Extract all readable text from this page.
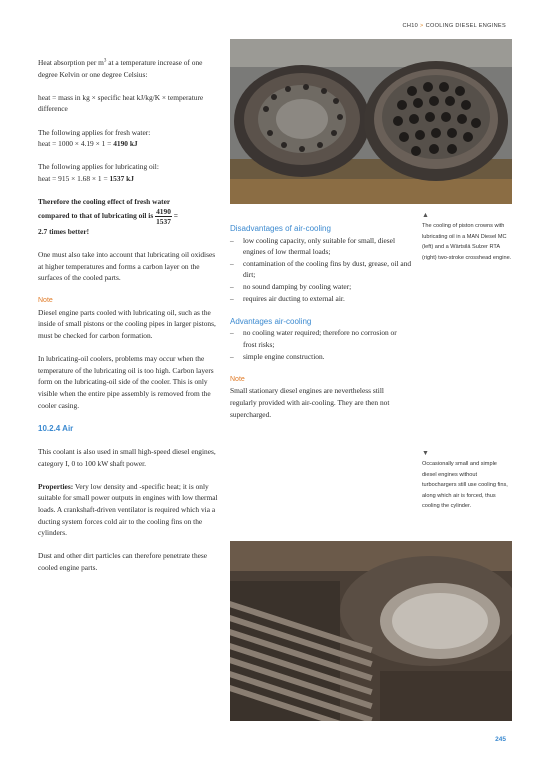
CH10 > COOLING DIESEL ENGINES

Heat absorption per $m^3$ at a temperature increase of one degree Kelvin or one degree Celsius:

heat = mass in kg × specific heat kJ/kg/K × temperature difference

The following applies for fresh water:

heat = 1000 × 4.19 × 1 = 4190 kJ

The following applies for lubricating oil:

heat = 915 × 1.68 × 1 = 1537 kJ

Therefore the cooling effect of fresh water

compared to that of lubricating oil is $\frac{4190}{1537}$ =

2.7 times better!

One must also take into account that lubricating oil oxidises at higher temperatures and forms a carbon layer on the surfaces of the cooled parts.

Note

Diesel engine parts cooled with lubricating oil, such as the inside of small pistons or the cooling pipes in larger pistons, must be checked for carbon formation.

In lubricating-oil coolers, problems may occur when the temperature of the lubricating oil is too high. Carbon layers form on the lubricating-oil side of the cooler. This is only visible when the entire pipe assembly is removed from the cooler casing.

10.2.4 Air

This coolant is also used in small high-speed diesel engines, category I, 0 to 100 kW shaft power.

Properties: Very low density and -specific heat; it is only suitable for small power outputs in engines with low thermal loads. A crankshaft-driven ventilator is required which via a ducting system forces cold air to the cooling fins on the cylinders.

Dust and other dirt particles can therefore penetrate these cooled engine parts.

Disadvantages of air-cooling

– low cooling capacity, only suitable for small, diesel engines of low thermal loads;
– contamination of the cooling fins by dust, grease, oil and dirt;
– no sound damping by cooling water;
– requires air ducting to external air.

Advantages air-cooling

– no cooling water required; therefore no corrosion or frost risks;
– simple engine construction.

Note

Small stationary diesel engines are nevertheless still regularly provided with air-cooling. They are then not supercharged.

▲
The cooling of piston crowns with lubricating oil in a MAN Diesel MC (left) and a Wärtsilä Sulzer RTA (right) two-stroke crosshead engine.
▼
Occasionally small and simple diesel engines without turbochargers still use cooling fins, along which air is forced, thus cooling the cylinder.
245
